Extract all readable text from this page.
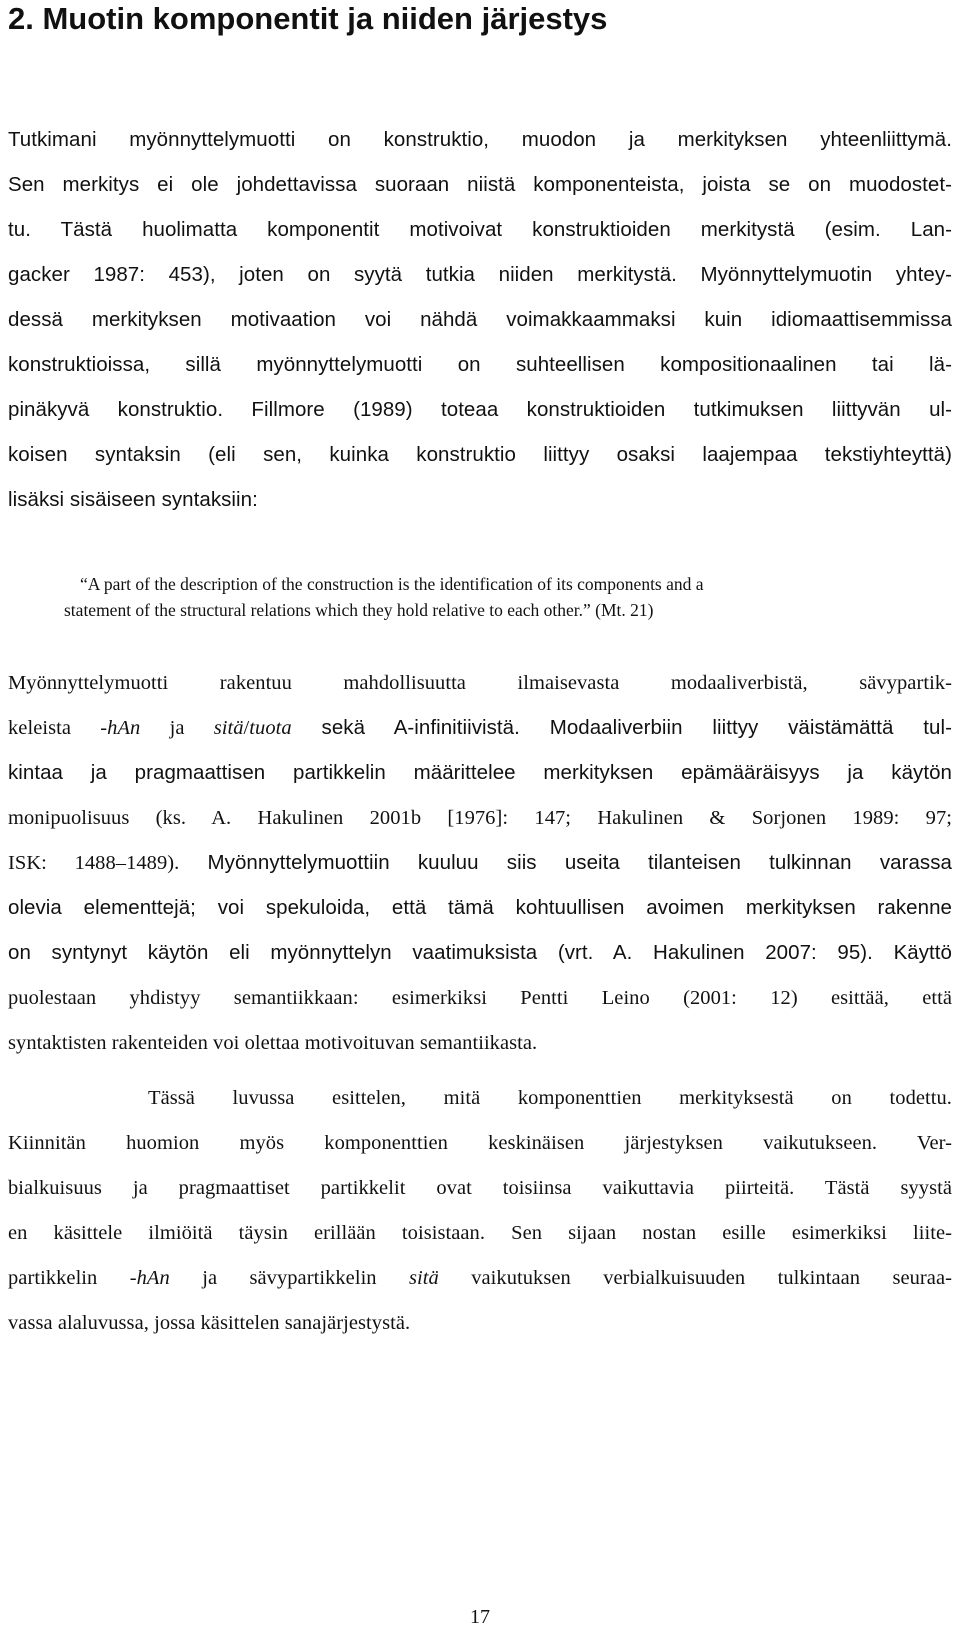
2. Muotin komponentit ja niiden järjestys

Tutkimani myönnyttelymuotti on konstruktio, muodon ja merkityksen yhteenliittymä.

Sen merkitys ei ole johdettavissa suoraan niistä komponenteista, joista se on muodostet-

tu. Tästä huolimatta komponentit motivoivat konstruktioiden merkitystä (esim. Lan-

gacker 1987: 453), joten on syytä tutkia niiden merkitystä. Myönnyttelymuotin yhtey-

dessä merkityksen motivaation voi nähdä voimakkaammaksi kuin idiomaattisemmissa

konstruktioissa, sillä myönnyttelymuotti on suhteellisen kompositionaalinen tai lä-

pinäkyvä konstruktio. Fillmore (1989) toteaa konstruktioiden tutkimuksen liittyvän ul-

koisen syntaksin (eli sen, kuinka konstruktio liittyy osaksi laajempaa tekstiyhteyttä)

lisäksi sisäiseen syntaksiin:

“A part of the description of the construction is the identification of its components and a

statement of the structural relations which they hold relative to each other.” (Mt. 21)

Myönnyttelymuotti rakentuu mahdollisuutta ilmaisevasta modaaliverbistä, sävypartik-

keleista -hAn ja sitä/tuota sekä A-infinitiivistä. Modaaliverbiin liittyy väistämättä tul-

kintaa ja pragmaattisen partikkelin määrittelee merkityksen epämääräisyys ja käytön

monipuolisuus (ks. A. Hakulinen 2001b [1976]: 147; Hakulinen & Sorjonen 1989: 97;

ISK: 1488–1489). Myönnyttelymuottiin kuuluu siis useita tilanteisen tulkinnan varassa

olevia elementtejä; voi spekuloida, että tämä kohtuullisen avoimen merkityksen rakenne

on syntynyt käytön eli myönnyttelyn vaatimuksista (vrt. A. Hakulinen 2007: 95). Käyttö

puolestaan yhdistyy semantiikkaan: esimerkiksi Pentti Leino (2001: 12) esittää, että

syntaktisten rakenteiden voi olettaa motivoituvan semantiikasta.

Tässä luvussa esittelen, mitä komponenttien merkityksestä on todettu.

Kiinnitän huomion myös komponenttien keskinäisen järjestyksen vaikutukseen. Ver-

bialkuisuus ja pragmaattiset partikkelit ovat toisiinsa vaikuttavia piirteitä. Tästä syystä

en käsittele ilmiöitä täysin erillään toisistaan. Sen sijaan nostan esille esimerkiksi liite-

partikkelin -hAn ja sävypartikkelin sitä vaikutuksen verbialkuisuuden tulkintaan seuraa-

vassa alaluvussa, jossa käsittelen sanajärjestystä.

17
